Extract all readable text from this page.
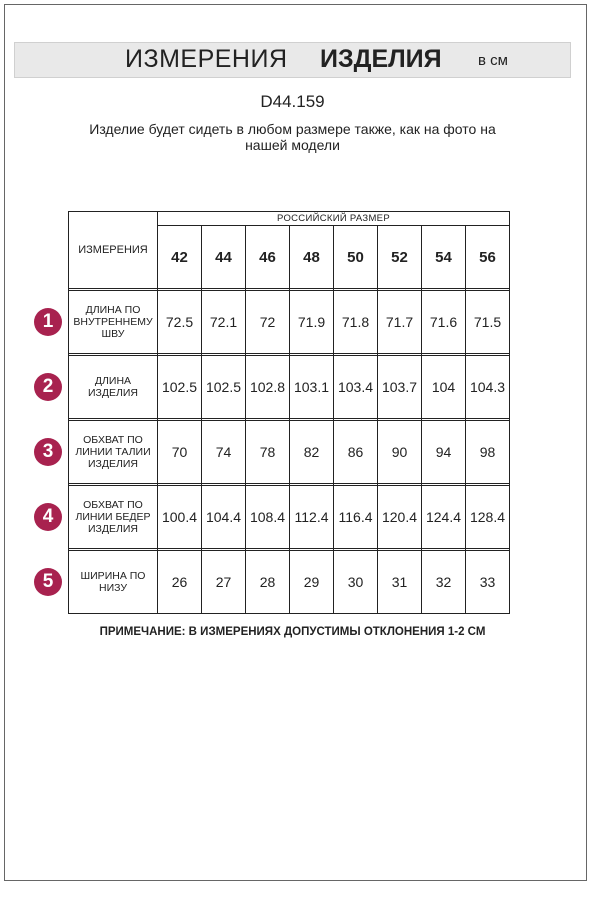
ИЗМЕРЕНИЯ ИЗДЕЛИЯ в см
D44.159
Изделие будет сидеть в любом размере также, как на фото на
нашей модели
ИЗМЕРЕНИЯ	РОССИЙСКИЙ РАЗМЕР							
	42	44	46	48	50	52	54	56

ДЛИНА ПО
ВНУТРЕННЕМУ
ШВУ	72.5	72.1	72	71.9	71.8	71.7	71.6	71.5

ДЛИНА
ИЗДЕЛИЯ	102.5	102.5	102.8	103.1	103.4	103.7	104	104.3

ОБХВАТ ПО
ЛИНИИ ТАЛИИ
ИЗДЕЛИЯ	70	74	78	82	86	90	94	98

ОБХВАТ ПО
ЛИНИИ БЕДЕР
ИЗДЕЛИЯ	100.4	104.4	108.4	112.4	116.4	120.4	124.4	128.4

ШИРИНА ПО
НИЗУ	26	27	28	29	30	31	32	33
1
2
3
4
5
ПРИМЕЧАНИЕ: В ИЗМЕРЕНИЯХ ДОПУСТИМЫ ОТКЛОНЕНИЯ 1-2 СМ
